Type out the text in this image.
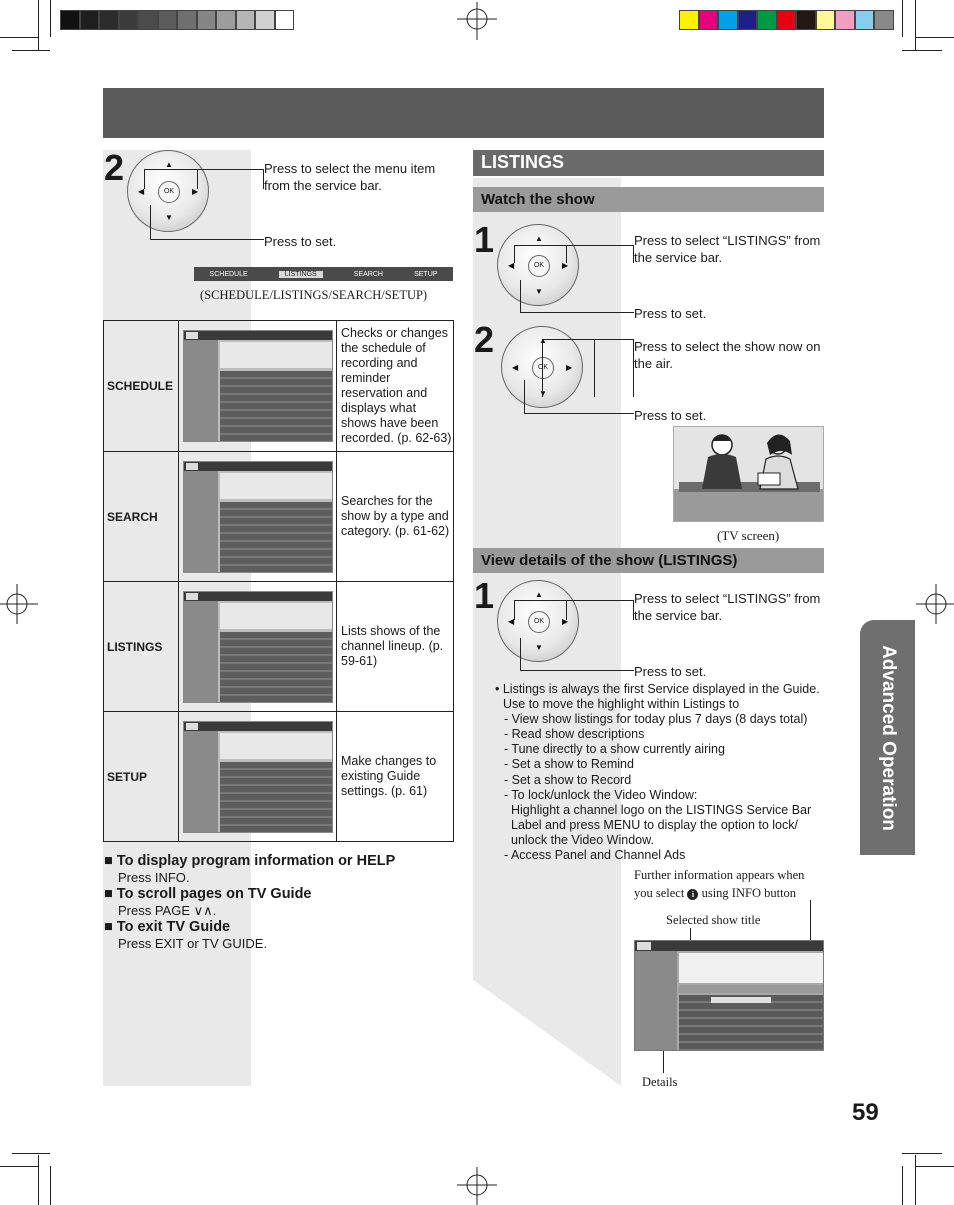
2
OK
▲
▼
◀	▶
Press to select the menu item from the service bar.
Press to set.
SCHEDULE	LISTINGS	SEARCH	SETUP
(SCHEDULE/LISTINGS/SEARCH/SETUP)
SCHEDULE
Checks or changes the schedule of recording and reminder reservation and displays what shows have been recorded. (p. 62-63)
SEARCH
Searches for the show by a type and category. (p. 61-62)
LISTINGS
Lists shows of the channel lineup. (p. 59-61)
SETUP
Make changes to existing Guide settings. (p. 61)
■ To display program information or HELP
Press INFO.
■ To scroll pages on TV Guide
Press PAGE ∨∧.
■ To exit TV Guide
Press EXIT or TV GUIDE.
LISTINGS
Watch the show
1
OK
▲
▼
◀	▶
Press to select “LISTINGS” from the service bar.
Press to set.
2
OK
▲
▼
◀	▶
Press to select the show now on the air.
Press to set.
(TV screen)
View details of the show (LISTINGS)
1
OK
▲
▼
◀	▶
Press to select “LISTINGS” from the service bar.
Press to set.
• Listings is always the first Service displayed in the Guide.
Use to move the highlight within Listings to
- View show listings for today plus 7 days (8 days total)
- Read show descriptions
- Tune directly to a show currently airing
- Set a show to Remind
- Set a show to Record
- To lock/unlock the Video Window:
Highlight a channel logo on the LISTINGS Service Bar
Label and press MENU to display the option to lock/
unlock the Video Window.
- Access Panel and Channel Ads
Further information appears when
you select i using INFO button
Selected show title
Details
Advanced Operation
59
